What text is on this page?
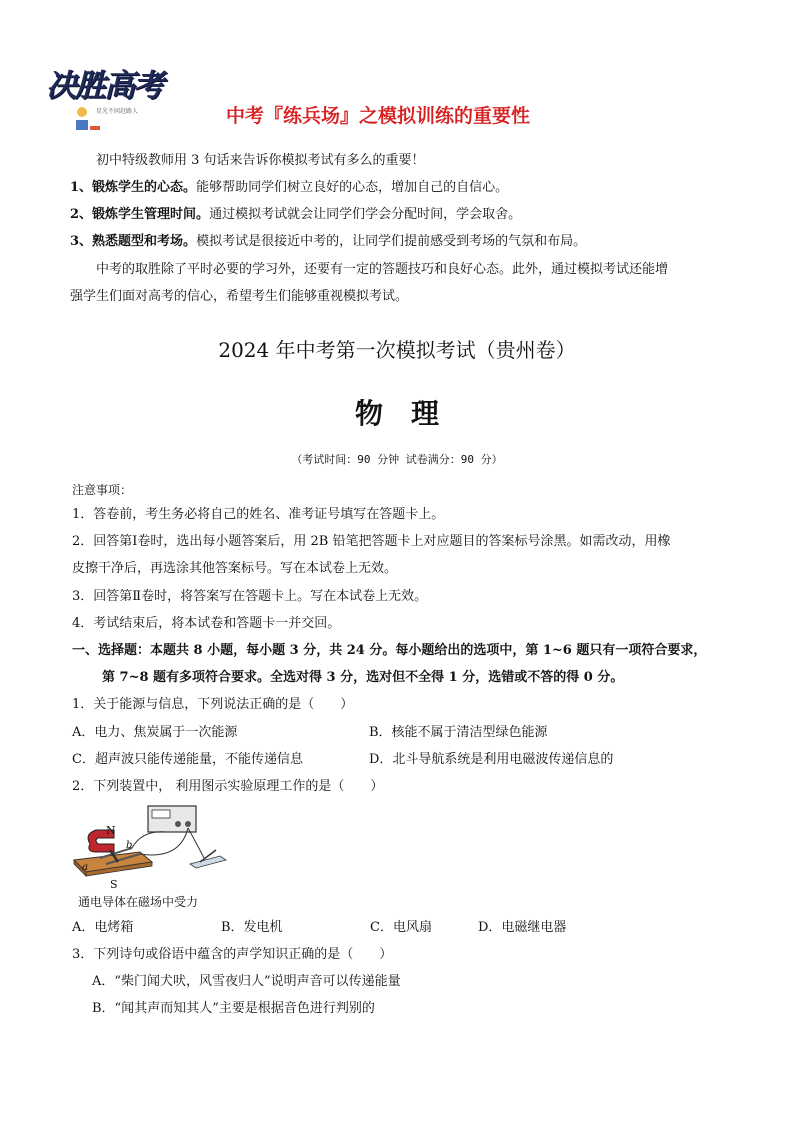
决胜高考
星光不问赶路人	中考『练兵场』之模拟训练的重要性
初中特级教师用 3 句话来告诉你模拟考试有多么的重要！
1、锻炼学生的心态。能够帮助同学们树立良好的心态，增加自己的自信心。
2、锻炼学生管理时间。通过模拟考试就会让同学们学会分配时间，学会取舍。
3、熟悉题型和考场。模拟考试是很接近中考的，让同学们提前感受到考场的气氛和布局。
中考的取胜除了平时必要的学习外，还要有一定的答题技巧和良好心态。此外，通过模拟考试还能增
强学生们面对高考的信心，希望考生们能够重视模拟考试。
2024 年中考第一次模拟考试（贵州卷）
物理
（考试时间：90 分钟 试卷满分：90 分）
注意事项：
1．答卷前，考生务必将自己的姓名、准考证号填写在答题卡上。
2．回答第Ⅰ卷时，选出每小题答案后，用 2B 铅笔把答题卡上对应题目的答案标号涂黑。如需改动，用橡
皮擦干净后，再选涂其他答案标号。写在本试卷上无效。
3．回答第Ⅱ卷时，将答案写在答题卡上。写在本试卷上无效。
4．考试结束后，将本试卷和答题卡一并交回。
一、选择题：本题共 8 小题，每小题 3 分，共 24 分。每小题给出的选项中，第 1~6 题只有一项符合要求，
第 7~8 题有多项符合要求。全选对得 3 分，选对但不全得 1 分，选错或不答的得 0 分。
1．关于能源与信息，下列说法正确的是（　　）
A．电力、焦炭属于一次能源	B．核能不属于清洁型绿色能源
C．超声波只能传递能量，不能传递信息	D．北斗导航系统是利用电磁波传递信息的
2．下列装置中， 利用图示实验原理工作的是（　　）
N
S
a
b
通电导体在磁场中受力
A．电烤箱	B．发电机	C．电风扇	D．电磁继电器
3．下列诗句或俗语中蕴含的声学知识正确的是（　　）
A．“柴门闻犬吠，风雪夜归人”说明声音可以传递能量
B．“闻其声而知其人”主要是根据音色进行判别的
